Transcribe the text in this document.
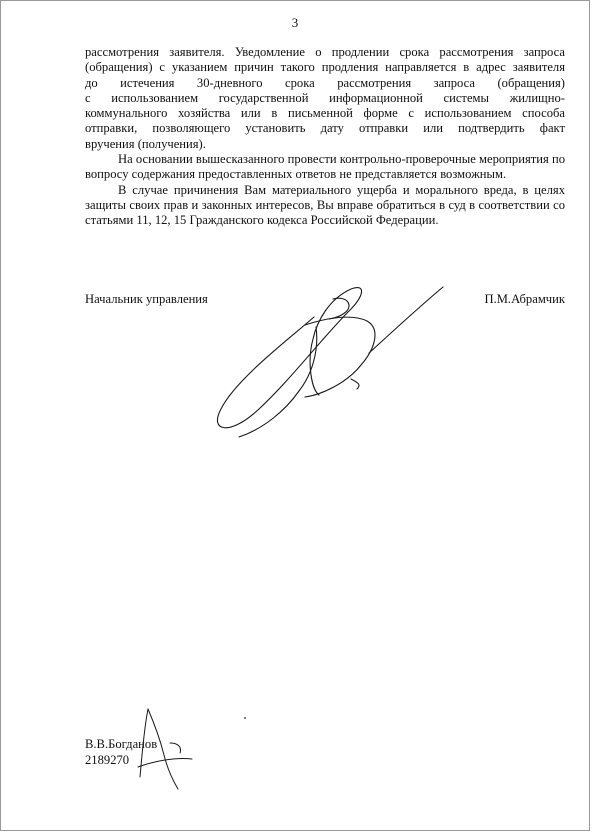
3

рассмотрения заявителя. Уведомление о продлении срока рассмотрения запроса

(обращения) с указанием причин такого продления направляется в адрес заявителя

до истечения 30-дневного срока рассмотрения запроса (обращения)

с использованием государственной информационной системы жилищно-

коммунального хозяйства или в письменной форме с использованием способа

отправки, позволяющего установить дату отправки или подтвердить факт

вручения (получения).

На основании вышесказанного провести контрольно-проверочные мероприятия по вопросу содержания предоставленных ответов не представляется возможным.

В случае причинения Вам материального ущерба и морального вреда, в целях защиты своих прав и законных интересов, Вы вправе обратиться в суд в соответствии со статьями 11, 12, 15 Гражданского кодекса Российской Федерации.

Начальник управления	П.М.Абрамчик
В.В.Богданов
2189270
